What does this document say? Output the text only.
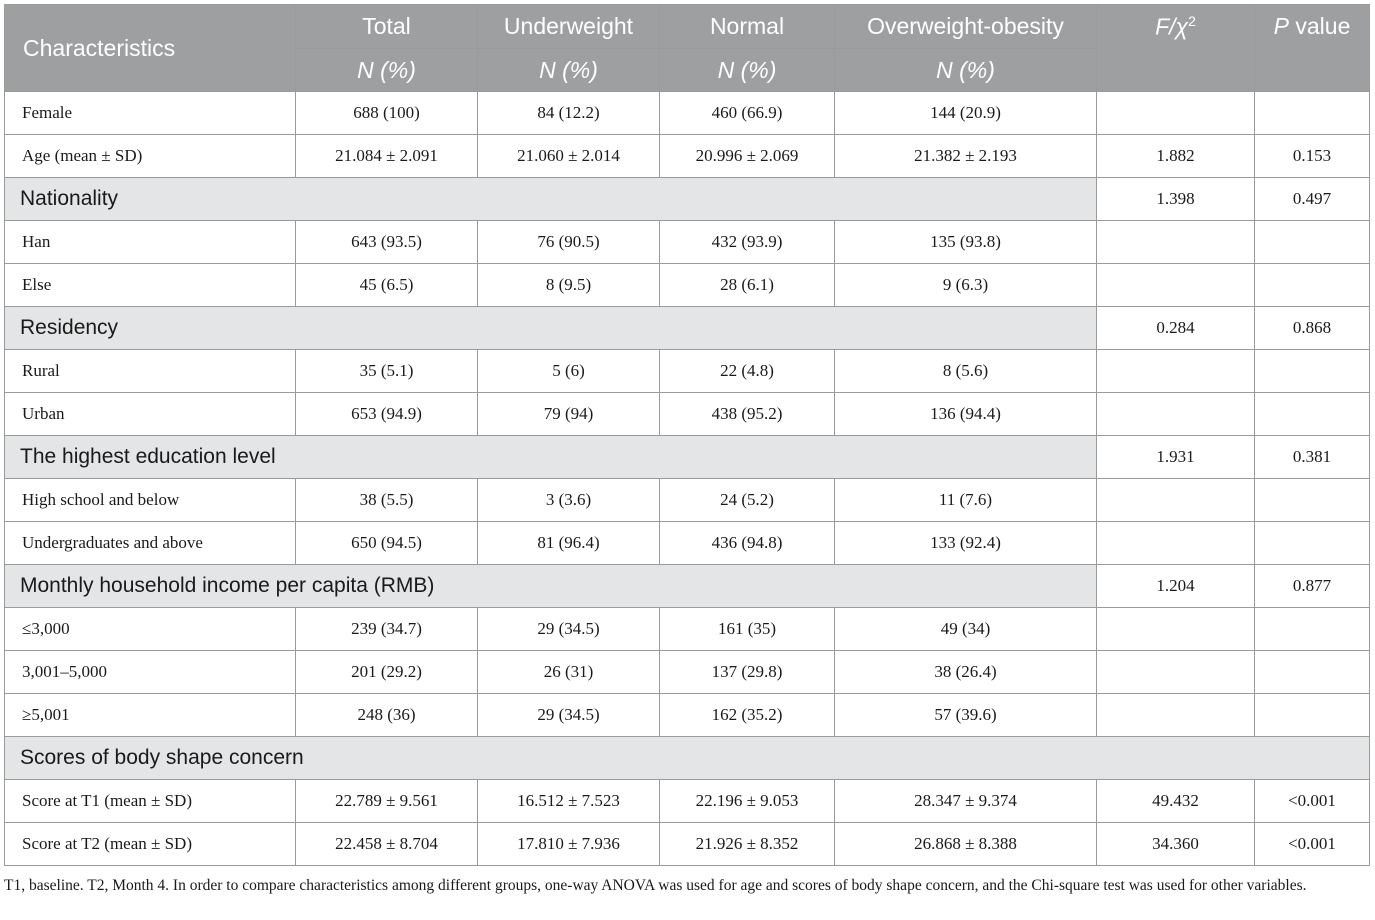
Characteristics	Total	Underweight	Normal	Overweight-obesity	$F/\chi^2$	P value
	N (%)	N (%)	N (%)	N (%)		
Female	688 (100)	84 (12.2)	460 (66.9)	144 (20.9)		
Age (mean ± SD)	21.084 ± 2.091	21.060 ± 2.014	20.996 ± 2.069	21.382 ± 2.193	1.882	0.153
Nationality					1.398	0.497
Han	643 (93.5)	76 (90.5)	432 (93.9)	135 (93.8)		
Else	45 (6.5)	8 (9.5)	28 (6.1)	9 (6.3)		
Residency					0.284	0.868
Rural	35 (5.1)	5 (6)	22 (4.8)	8 (5.6)		
Urban	653 (94.9)	79 (94)	438 (95.2)	136 (94.4)		
The highest education level					1.931	0.381
High school and below	38 (5.5)	3 (3.6)	24 (5.2)	11 (7.6)		
Undergraduates and above	650 (94.5)	81 (96.4)	436 (94.8)	133 (92.4)		
Monthly household income per capita (RMB)					1.204	0.877
≤3,000	239 (34.7)	29 (34.5)	161 (35)	49 (34)		
3,001–5,000	201 (29.2)	26 (31)	137 (29.8)	38 (26.4)		
≥5,001	248 (36)	29 (34.5)	162 (35.2)	57 (39.6)		
Scores of body shape concern						
Score at T1 (mean ± SD)	22.789 ± 9.561	16.512 ± 7.523	22.196 ± 9.053	28.347 ± 9.374	49.432	<0.001
Score at T2 (mean ± SD)	22.458 ± 8.704	17.810 ± 7.936	21.926 ± 8.352	26.868 ± 8.388	34.360	<0.001
T1, baseline. T2, Month 4. In order to compare characteristics among different groups, one-way ANOVA was used for age and scores of body shape concern, and the Chi-square test was used for other variables.
